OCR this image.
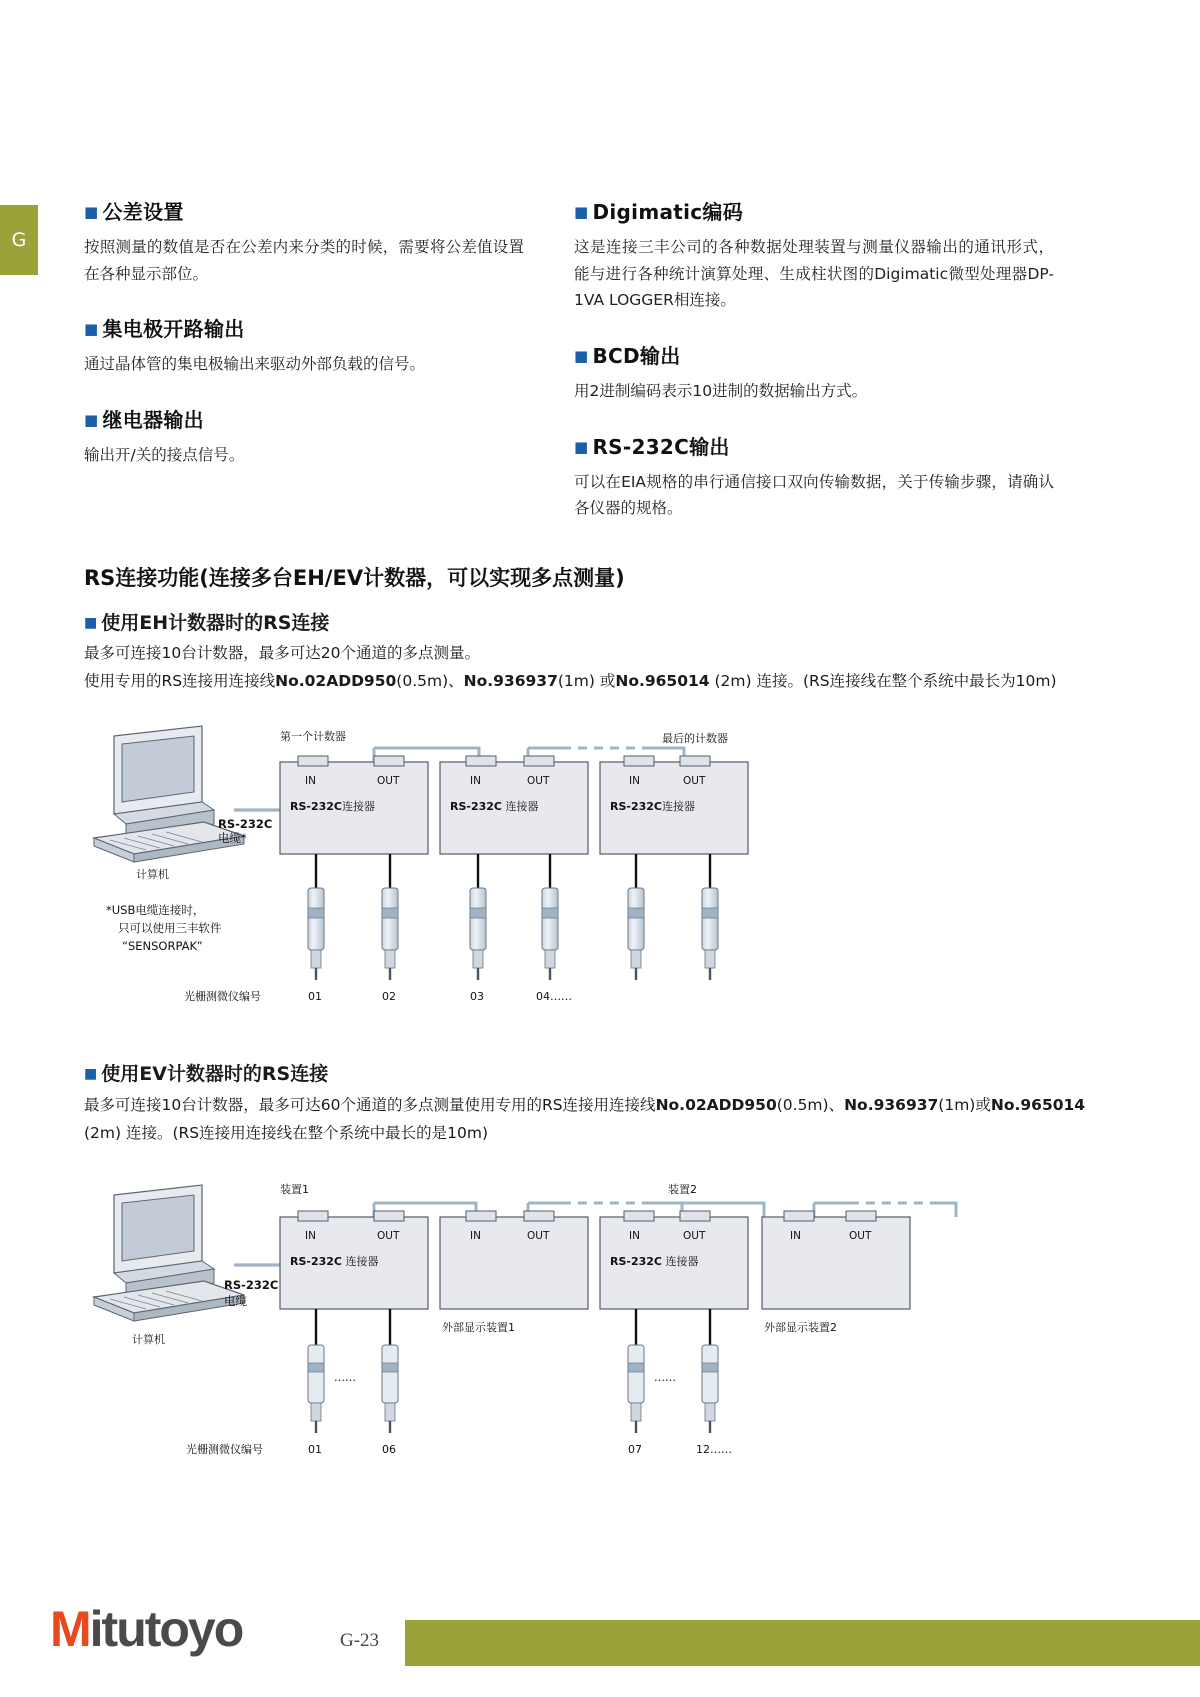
G
■ 公差设置

按照测量的数值是否在公差内来分类的时候，需要将公差值设置在各种显示部位。

■ 集电极开路输出

通过晶体管的集电极输出来驱动外部负载的信号。

■ 继电器输出

输出开/关的接点信号。

■ Digimatic编码

这是连接三丰公司的各种数据处理装置与测量仪器输出的通讯形式，能与进行各种统计演算处理、生成柱状图的Digimatic微型处理器DP-1VA LOGGER相连接。

■ BCD输出

用2进制编码表示10进制的数据输出方式。

■ RS-232C输出

可以在EIA规格的串行通信接口双向传输数据，关于传输步骤，请确认各仪器的规格。

RS连接功能(连接多台EH/EV计数器，可以实现多点测量)
■ 使用EH计数器时的RS连接
最多可连接10台计数器，最多可达20个通道的多点测量。
使用专用的RS连接用连接线No.02ADD950(0.5m)、No.936937(1m) 或No.965014 (2m) 连接。(RS连接线在整个系统中最长为10m)
计算机
RS-232C
电缆*
*USB电缆连接时，
只可以使用三丰软件
“SENSORPAK”
第一个计数器	最后的计数器
IN	OUT
RS-232C连接器
IN	OUT
RS-232C 连接器
IN	OUT
RS-232C连接器
01	02	03	04……
光栅测微仪编号
■ 使用EV计数器时的RS连接
最多可连接10台计数器，最多可达60个通道的多点测量使用专用的RS连接用连接线No.02ADD950(0.5m)、No.936937(1m)或No.965014 (2m) 连接。(RS连接用连接线在整个系统中最长的是10m)
计算机
RS-232C
电缆
装置1	装置2
IN	OUT
RS-232C 连接器
IN	OUT	IN	OUT
RS-232C 连接器
IN	OUT
外部显示装置1	外部显示装置2
01	06
……
07	12……
……
光栅测微仪编号
G-23
Mitutoyo
